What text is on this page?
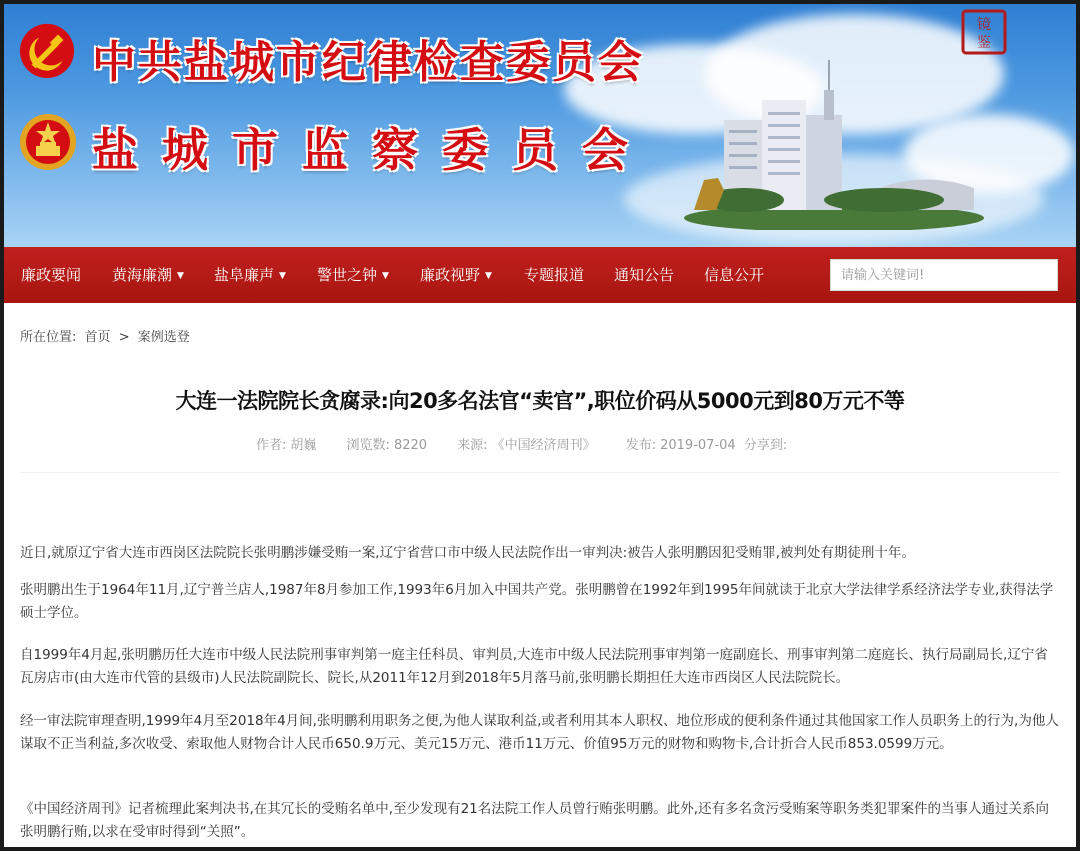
中共盐城市纪律检查委员会
盐城市监察委员会
镜
鉴
廉政要闻 黄海廉潮 ▼ 盐阜廉声 ▼ 警世之钟 ▼ 廉政视野 ▼ 专题报道 通知公告 信息公开
请输入关键词!
所在位置: 首页 > 案例选登
大连一法院院长贪腐录:向20多名法官“卖官”,职位价码从5000元到80万元不等
作者: 胡巍 浏览数: 8220 来源: 《中国经济周刊》 发布: 2019-07-04 分享到:

近日,就原辽宁省大连市西岗区法院院长张明鹏涉嫌受贿一案,辽宁省营口市中级人民法院作出一审判决:被告人张明鹏因犯受贿罪,被判处有期徒刑十年。

张明鹏出生于1964年11月,辽宁普兰店人,1987年8月参加工作,1993年6月加入中国共产党。张明鹏曾在1992年到1995年间就读于北京大学法律学系经济法学专业,获得法学硕士学位。

自1999年4月起,张明鹏历任大连市中级人民法院刑事审判第一庭主任科员、审判员,大连市中级人民法院刑事审判第一庭副庭长、刑事审判第二庭庭长、执行局副局长,辽宁省瓦房店市(由大连市代管的县级市)人民法院副院长、院长,从2011年12月到2018年5月落马前,张明鹏长期担任大连市西岗区人民法院院长。

经一审法院审理查明,1999年4月至2018年4月间,张明鹏利用职务之便,为他人谋取利益,或者利用其本人职权、地位形成的便利条件通过其他国家工作人员职务上的行为,为他人谋取不正当利益,多次收受、索取他人财物合计人民币650.9万元、美元15万元、港币11万元、价值95万元的财物和购物卡,合计折合人民币853.0599万元。

《中国经济周刊》记者梳理此案判决书,在其冗长的受贿名单中,至少发现有21名法院工作人员曾行贿张明鹏。此外,还有多名贪污受贿案等职务类犯罪案件的当事人通过关系向张明鹏行贿,以求在受审时得到“关照”。
